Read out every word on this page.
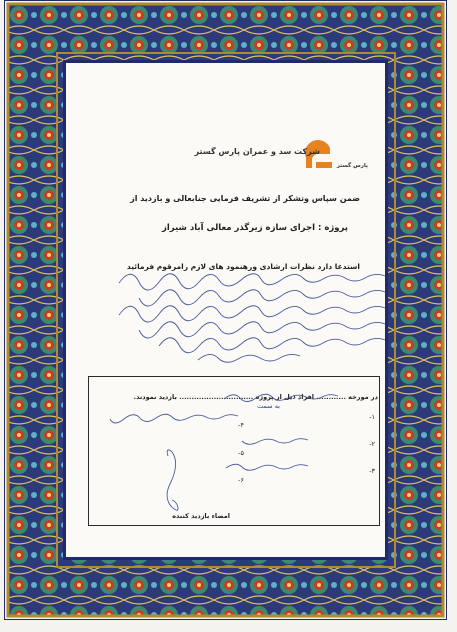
پارس گستر
شرکت سد و عمران پارس گستر
ضمن سپاس وتشکر از تشریف فرمایی جنابعالی و بازدید از
پروژه : اجرای سازه زیرگذر معالی آباد شیراز
استدعا دارد نظرات ارشادی ورهنمود های لازم رامرقوم فرمائید
در مورخه ............ افراد ذیل از پروژه .............................. بازدید نمودند.
به سمت
۱-
۲-
۳-
۴-
۵-
۶-
امضاء بازدید کننده
